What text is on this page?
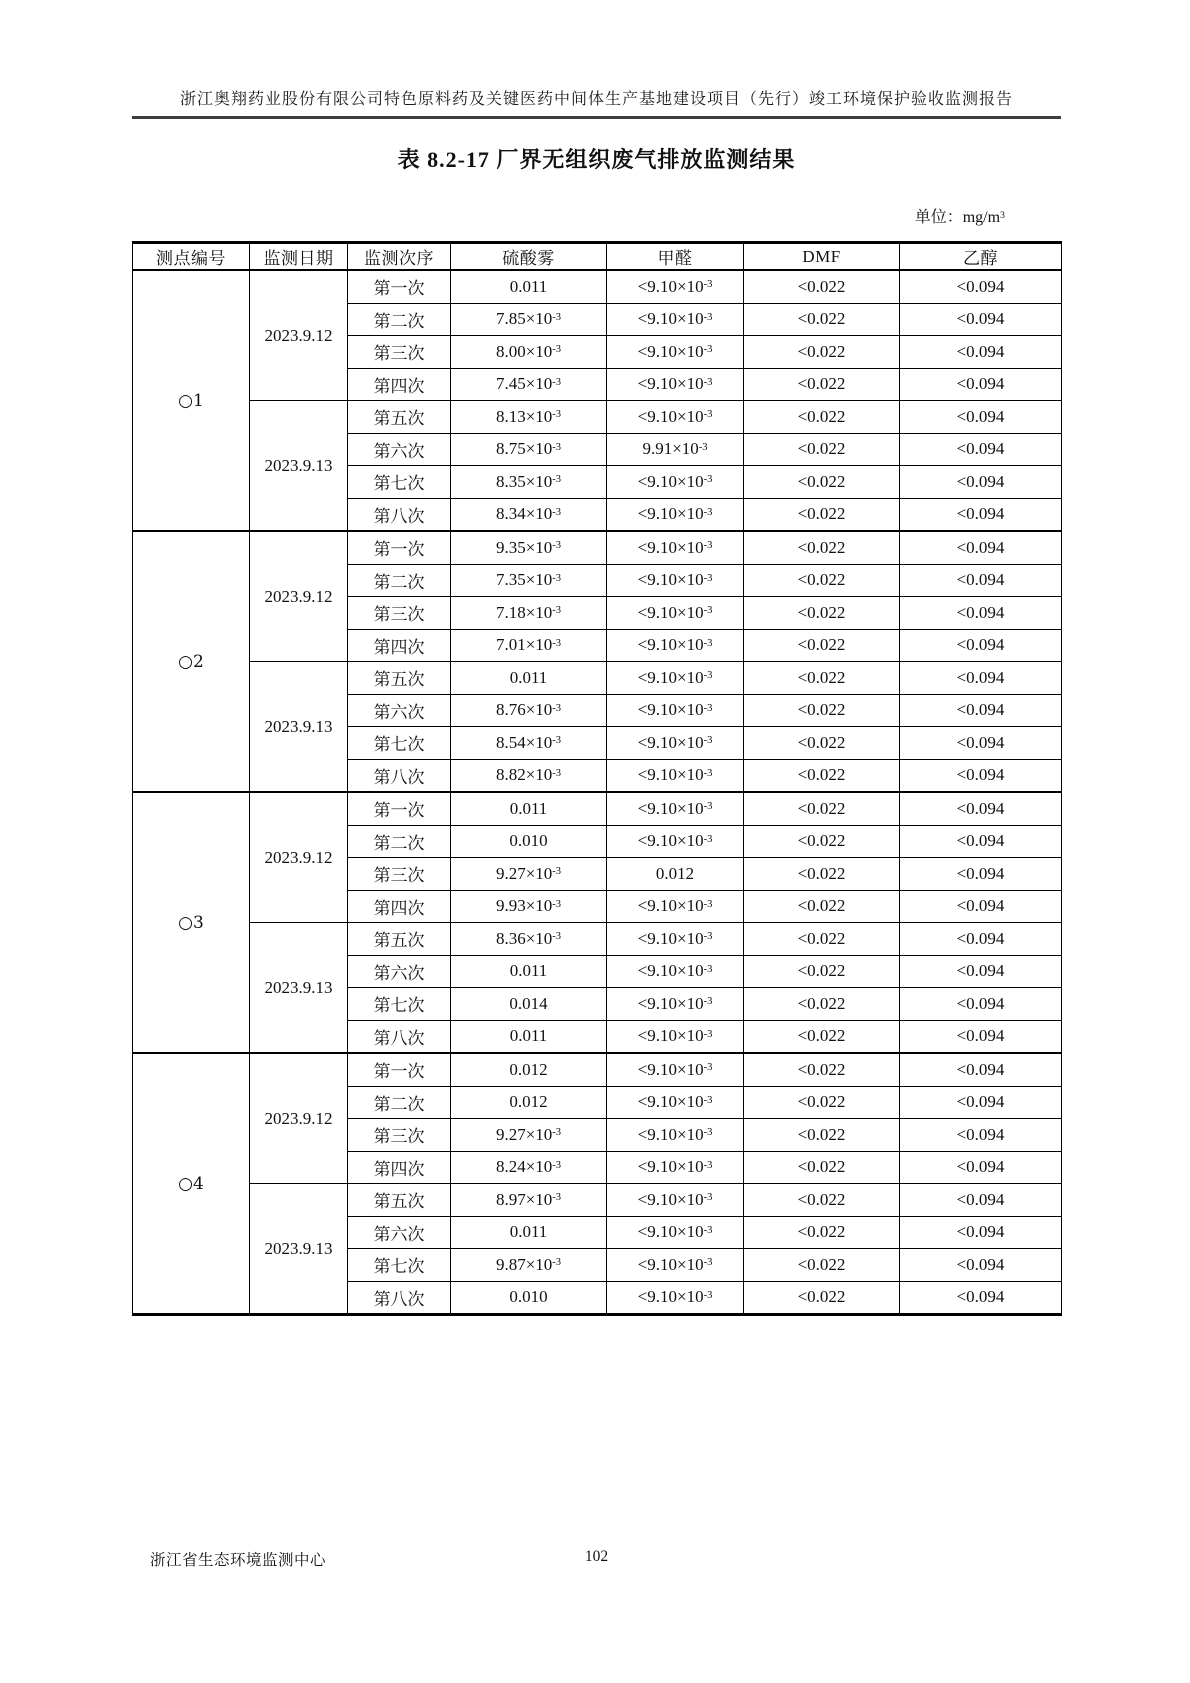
浙江奥翔药业股份有限公司特色原料药及关键医药中间体生产基地建设项目（先行）竣工环境保护验收监测报告
表 8.2-17 厂界无组织废气排放监测结果
单位：$mg/m^3$
测点编号	监测日期	监测次序	硫酸雾	甲醛	DMF	乙醇
○1	2023.9.12	第一次	0.011	$<9.10\times 10^{-3}$	<0.022	<0.094
		第二次	$7.85\times 10^{-3}$	$<9.10\times 10^{-3}$	<0.022	<0.094
		第三次	$8.00\times 10^{-3}$	$<9.10\times 10^{-3}$	<0.022	<0.094
		第四次	$7.45\times 10^{-3}$	$<9.10\times 10^{-3}$	<0.022	<0.094
	2023.9.13	第五次	$8.13\times 10^{-3}$	$<9.10\times 10^{-3}$	<0.022	<0.094
		第六次	$8.75\times 10^{-3}$	$9.91\times 10^{-3}$	<0.022	<0.094
		第七次	$8.35\times 10^{-3}$	$<9.10\times 10^{-3}$	<0.022	<0.094
		第八次	$8.34\times 10^{-3}$	$<9.10\times 10^{-3}$	<0.022	<0.094
○2	2023.9.12	第一次	$9.35\times 10^{-3}$	$<9.10\times 10^{-3}$	<0.022	<0.094
		第二次	$7.35\times 10^{-3}$	$<9.10\times 10^{-3}$	<0.022	<0.094
		第三次	$7.18\times 10^{-3}$	$<9.10\times 10^{-3}$	<0.022	<0.094
		第四次	$7.01\times 10^{-3}$	$<9.10\times 10^{-3}$	<0.022	<0.094
	2023.9.13	第五次	0.011	$<9.10\times 10^{-3}$	<0.022	<0.094
		第六次	$8.76\times 10^{-3}$	$<9.10\times 10^{-3}$	<0.022	<0.094
		第七次	$8.54\times 10^{-3}$	$<9.10\times 10^{-3}$	<0.022	<0.094
		第八次	$8.82\times 10^{-3}$	$<9.10\times 10^{-3}$	<0.022	<0.094
○3	2023.9.12	第一次	0.011	$<9.10\times 10^{-3}$	<0.022	<0.094
		第二次	0.010	$<9.10\times 10^{-3}$	<0.022	<0.094
		第三次	$9.27\times 10^{-3}$	0.012	<0.022	<0.094
		第四次	$9.93\times 10^{-3}$	$<9.10\times 10^{-3}$	<0.022	<0.094
	2023.9.13	第五次	$8.36\times 10^{-3}$	$<9.10\times 10^{-3}$	<0.022	<0.094
		第六次	0.011	$<9.10\times 10^{-3}$	<0.022	<0.094
		第七次	0.014	$<9.10\times 10^{-3}$	<0.022	<0.094
		第八次	0.011	$<9.10\times 10^{-3}$	<0.022	<0.094
○4	2023.9.12	第一次	0.012	$<9.10\times 10^{-3}$	<0.022	<0.094
		第二次	0.012	$<9.10\times 10^{-3}$	<0.022	<0.094
		第三次	$9.27\times 10^{-3}$	$<9.10\times 10^{-3}$	<0.022	<0.094
		第四次	$8.24\times 10^{-3}$	$<9.10\times 10^{-3}$	<0.022	<0.094
	2023.9.13	第五次	$8.97\times 10^{-3}$	$<9.10\times 10^{-3}$	<0.022	<0.094
		第六次	0.011	$<9.10\times 10^{-3}$	<0.022	<0.094
		第七次	$9.87\times 10^{-3}$	$<9.10\times 10^{-3}$	<0.022	<0.094
		第八次	0.010	$<9.10\times 10^{-3}$	<0.022	<0.094
浙江省生态环境监测中心	102
